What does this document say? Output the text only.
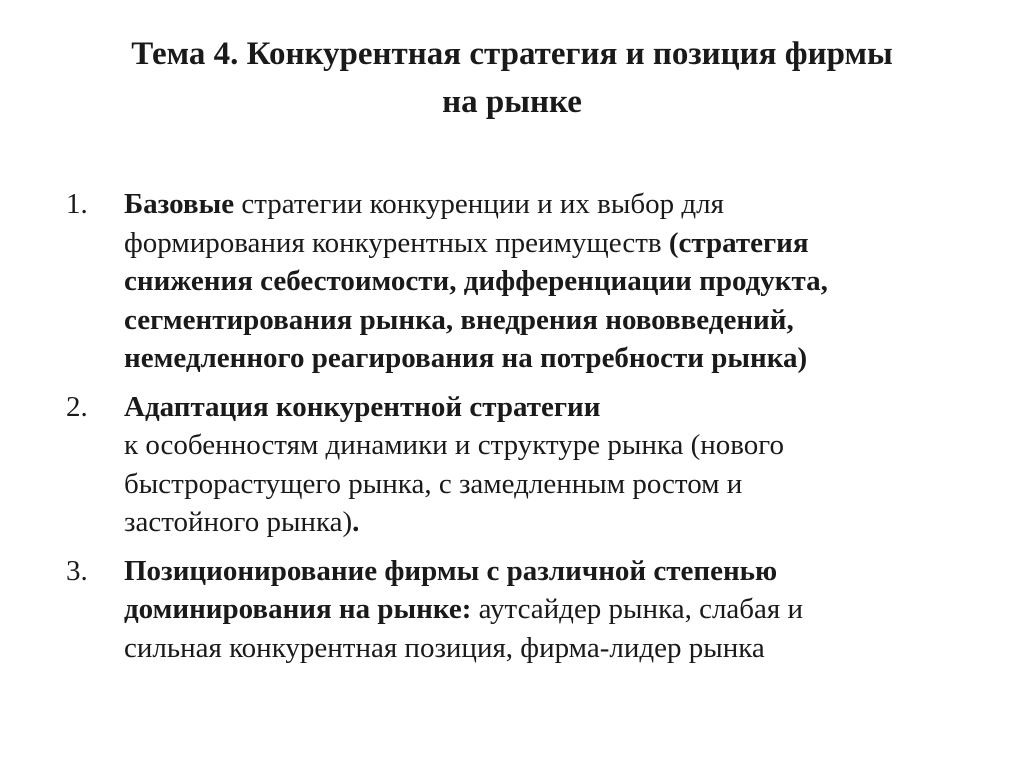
Тема 4. Конкурентная стратегия и позиция фирмы
на рынке
1. Базовые стратегии конкуренции и их выбор для
формирования конкурентных преимуществ (стратегия
снижения себестоимости, дифференциации продукта,
сегментирования рынка, внедрения нововведений,
немедленного реагирования на потребности рынка)
2. Адаптация конкурентной стратегии
к особенностям динамики и структуре рынка (нового
быстрорастущего рынка, с замедленным ростом и
застойного рынка).
3. Позиционирование фирмы с различной степенью
доминирования на рынке: аутсайдер рынка, слабая и
сильная конкурентная позиция, фирма-лидер рынка
